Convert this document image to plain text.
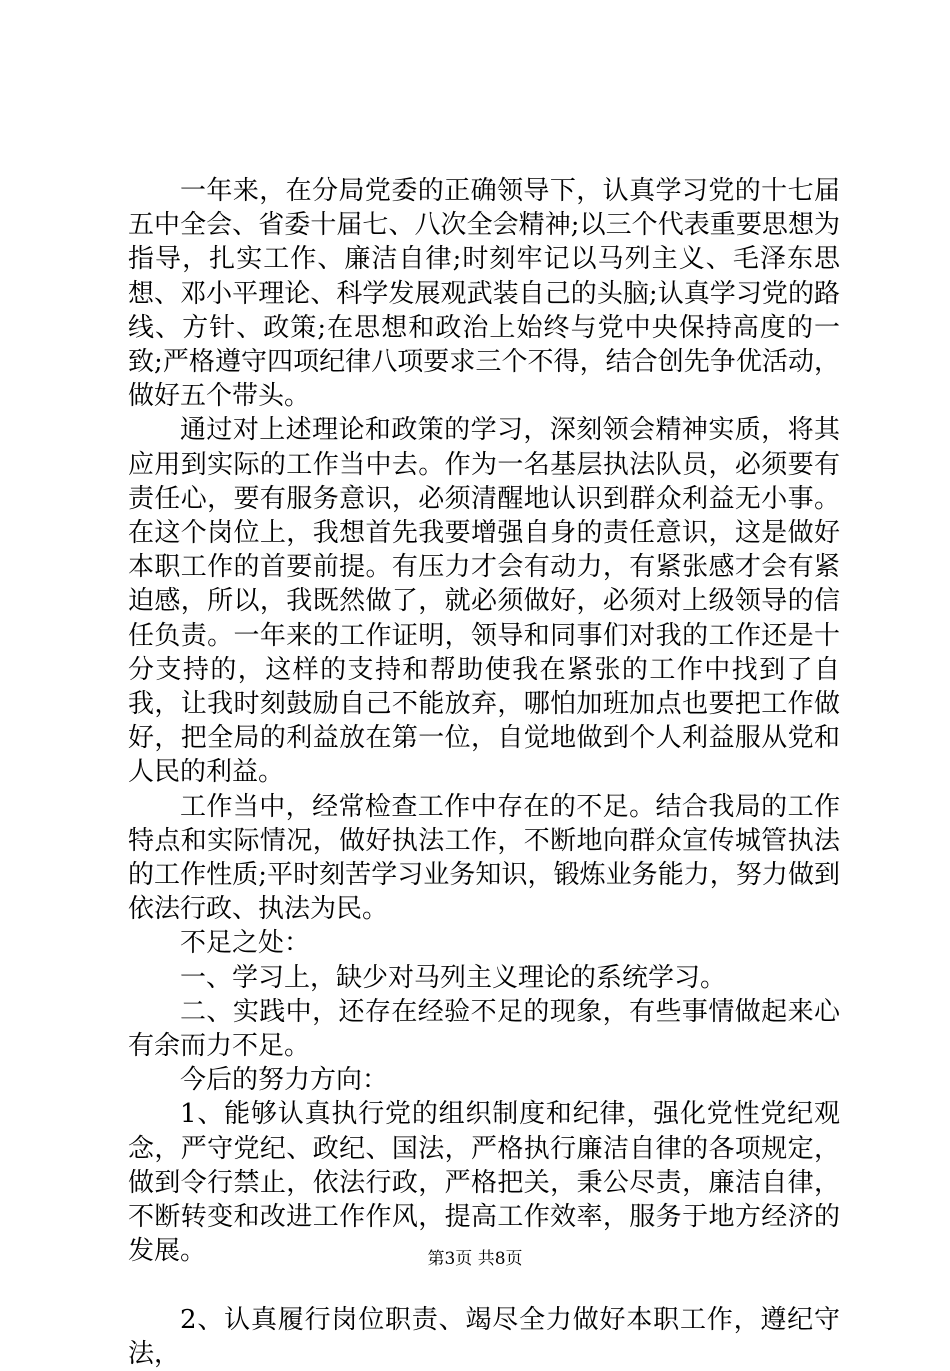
一年来，在分局党委的正确领导下，认真学习党的十七届五中全会、省委十届七、八次全会精神;以三个代表重要思想为指导，扎实工作、廉洁自律;时刻牢记以马列主义、毛泽东思想、邓小平理论、科学发展观武装自己的头脑;认真学习党的路线、方针、政策;在思想和政治上始终与党中央保持高度的一致;严格遵守四项纪律八项要求三个不得，结合创先争优活动，做好五个带头。

通过对上述理论和政策的学习，深刻领会精神实质，将其应用到实际的工作当中去。作为一名基层执法队员，必须要有责任心，要有服务意识，必须清醒地认识到群众利益无小事。在这个岗位上，我想首先我要增强自身的责任意识，这是做好本职工作的首要前提。有压力才会有动力，有紧张感才会有紧迫感，所以，我既然做了，就必须做好，必须对上级领导的信任负责。一年来的工作证明，领导和同事们对我的工作还是十分支持的，这样的支持和帮助使我在紧张的工作中找到了自我，让我时刻鼓励自己不能放弃，哪怕加班加点也要把工作做好，把全局的利益放在第一位，自觉地做到个人利益服从党和人民的利益。

工作当中，经常检查工作中存在的不足。结合我局的工作特点和实际情况，做好执法工作，不断地向群众宣传城管执法的工作性质;平时刻苦学习业务知识，锻炼业务能力，努力做到依法行政、执法为民。

不足之处：

一、学习上，缺少对马列主义理论的系统学习。

二、实践中，还存在经验不足的现象，有些事情做起来心有余而力不足。

今后的努力方向：

1、能够认真执行党的组织制度和纪律，强化党性党纪观念，严守党纪、政纪、国法，严格执行廉洁自律的各项规定，做到令行禁止，依法行政，严格把关，秉公尽责，廉洁自律，不断转变和改进工作作风，提高工作效率，服务于地方经济的发展。

2、认真履行岗位职责、竭尽全力做好本职工作，遵纪守法，

第3页 共8页
